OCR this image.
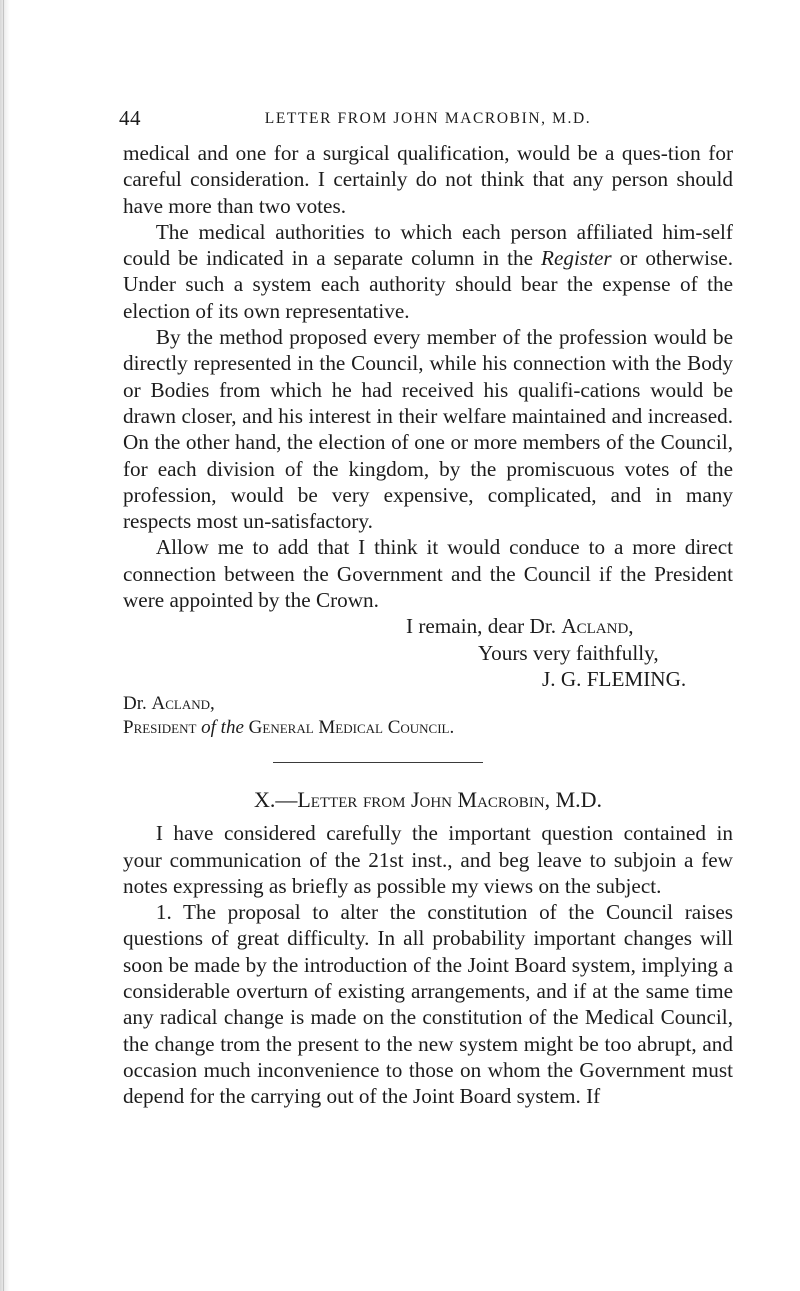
44	LETTER FROM JOHN MACROBIN, M.D.

medical and one for a surgical qualification, would be a ques-tion for careful consideration. I certainly do not think that any person should have more than two votes.

The medical authorities to which each person affiliated him-self could be indicated in a separate column in the Register or otherwise. Under such a system each authority should bear the expense of the election of its own representative.

By the method proposed every member of the profession would be directly represented in the Council, while his connection with the Body or Bodies from which he had received his qualifi-cations would be drawn closer, and his interest in their welfare maintained and increased. On the other hand, the election of one or more members of the Council, for each division of the kingdom, by the promiscuous votes of the profession, would be very expensive, complicated, and in many respects most un-satisfactory.

Allow me to add that I think it would conduce to a more direct connection between the Government and the Council if the President were appointed by the Crown.

I remain, dear Dr. Acland,
Yours very faithfully,
J. G. FLEMING.
Dr. Acland,
President of the General Medical Council.
X.—Letter from John Macrobin, M.D.

I have considered carefully the important question contained in your communication of the 21st inst., and beg leave to subjoin a few notes expressing as briefly as possible my views on the subject.

1. The proposal to alter the constitution of the Council raises questions of great difficulty. In all probability important changes will soon be made by the introduction of the Joint Board system, implying a considerable overturn of existing arrangements, and if at the same time any radical change is made on the constitution of the Medical Council, the change trom the present to the new system might be too abrupt, and occasion much inconvenience to those on whom the Government must depend for the carrying out of the Joint Board system. If
